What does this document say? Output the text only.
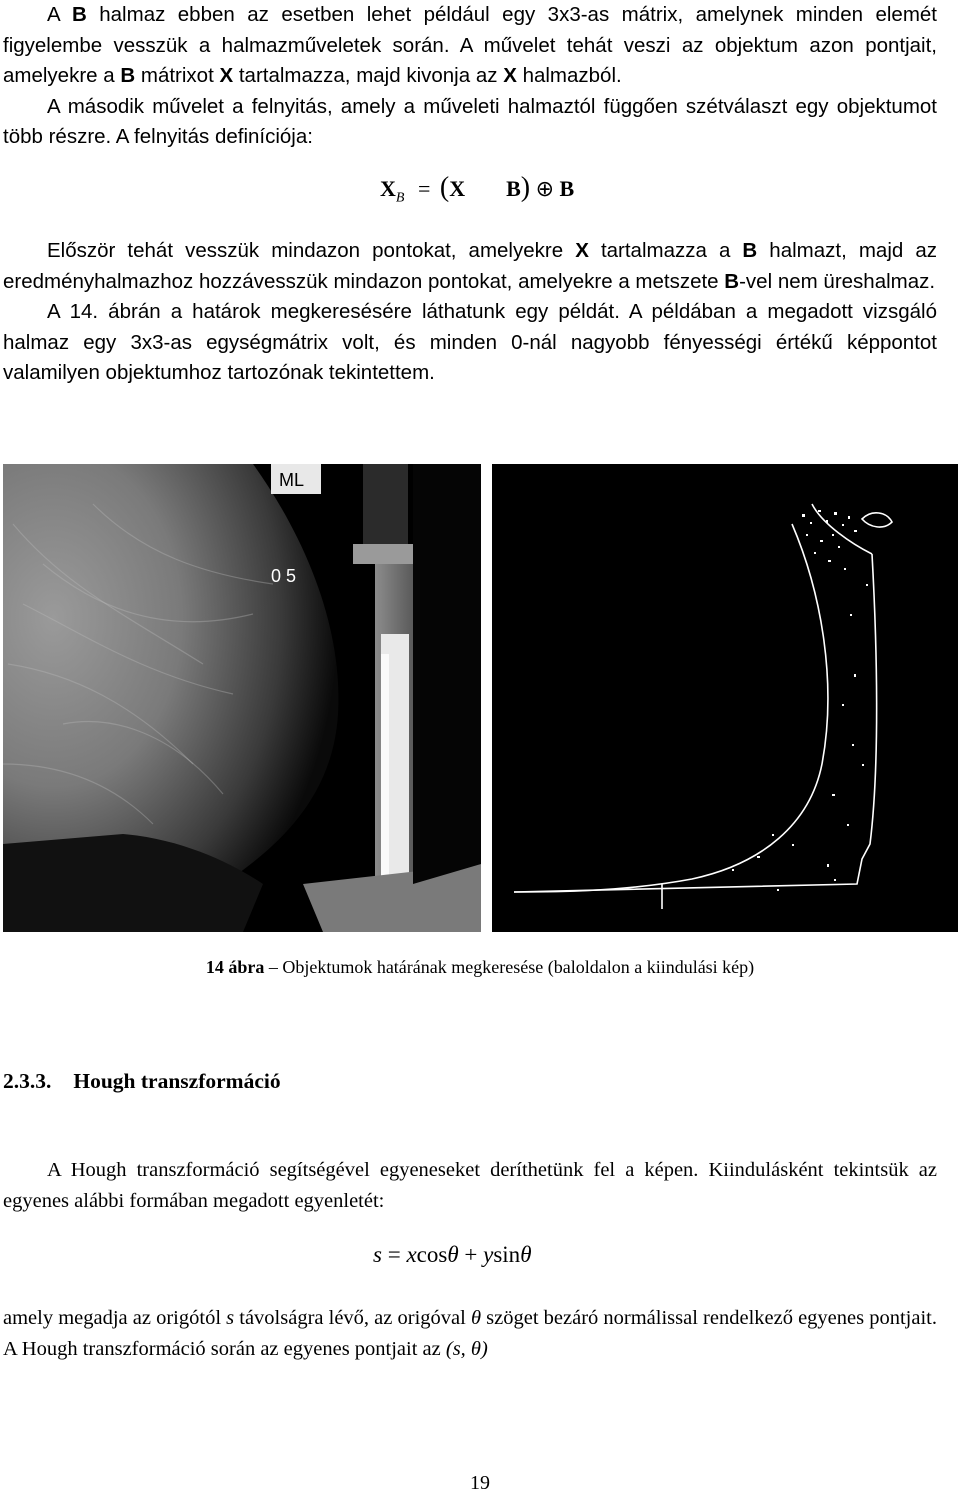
A B halmaz ebben az esetben lehet például egy 3x3-as mátrix, amelynek minden elemét figyelembe vesszük a halmazműveletek során. A művelet tehát veszi az objektum azon pontjait, amelyekre a B mátrixot X tartalmazza, majd kivonja az X halmazból.

A második művelet a felnyitás, amely a műveleti halmaztól függően szétválaszt egy objektumot több részre. A felnyitás definíciója:

$X_B = (X$ B) ⊕ B

Először tehát vesszük mindazon pontokat, amelyekre X tartalmazza a B halmazt, majd az eredményhalmazhoz hozzávesszük mindazon pontokat, amelyekre a metszete B-vel nem üreshalmaz.

A 14. ábrán a határok megkeresésére láthatunk egy példát. A példában a megadott vizsgáló halmaz egy 3x3-as egységmátrix volt, és minden 0-nál nagyobb fényességi értékű képpontot valamilyen objektumhoz tartozónak tekintettem.

ML
0 5
14 ábra – Objektumok határának megkeresése (baloldalon a kiindulási kép)
2.3.3. Hough transzformáció

A Hough transzformáció segítségével egyeneseket deríthetünk fel a képen. Kiindulásként tekintsük az egyenes alábbi formában megadott egyenletét:

s = xcosθ + ysinθ

amely megadja az origótól s távolságra lévő, az origóval θ szöget bezáró normálissal rendelkező egyenes pontjait. A Hough transzformáció során az egyenes pontjait az (s, θ)

19
